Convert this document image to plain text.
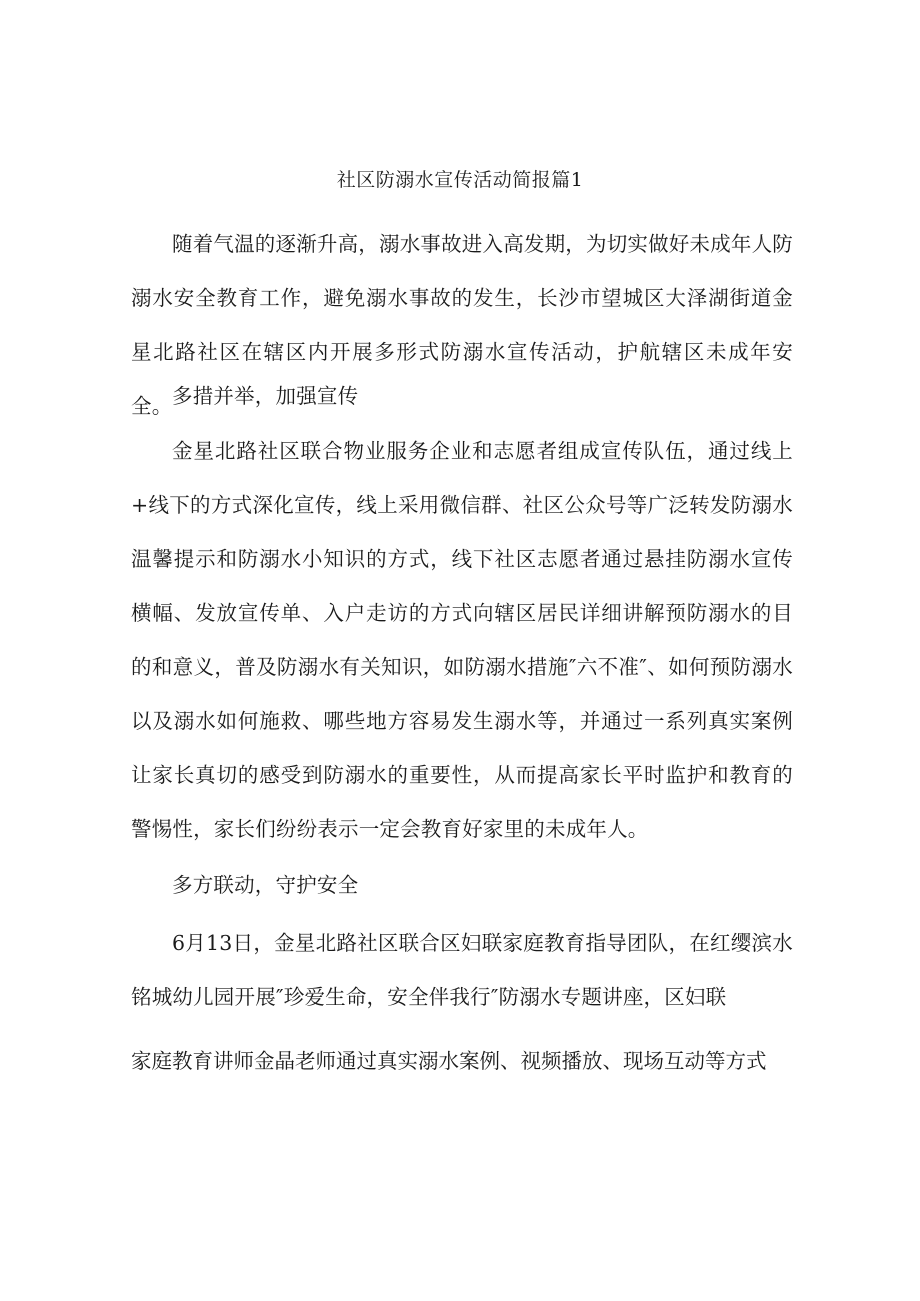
社区防溺水宣传活动简报篇1

随着气温的逐渐升高，溺水事故进入高发期，为切实做好未成年人防溺水安全教育工作，避免溺水事故的发生，长沙市望城区大泽湖街道金星北路社区在辖区内开展多形式防溺水宣传活动，护航辖区未成年安全。 多措并举，加强宣传

金星北路社区联合物业服务企业和志愿者组成宣传队伍，通过线上+线下的方式深化宣传，线上采用微信群、社区公众号等广泛转发防溺水温馨提示和防溺水小知识的方式，线下社区志愿者通过悬挂防溺水宣传横幅、发放宣传单、入户走访的方式向辖区居民详细讲解预防溺水的目的和意义，普及防溺水有关知识，如防溺水措施″六不准″、如何预防溺水以及溺水如何施救、哪些地方容易发生溺水等，并通过一系列真实案例让家长真切的感受到防溺水的重要性，从而提高家长平时监护和教育的警惕性，家长们纷纷表示一定会教育好家里的未成年人。

多方联动，守护安全

6月13日，金星北路社区联合区妇联家庭教育指导团队，在红缨滨水铭城幼儿园开展″珍爱生命，安全伴我行″防溺水专题讲座，区妇联

家庭教育讲师金晶老师通过真实溺水案例、视频播放、现场互动等方式
